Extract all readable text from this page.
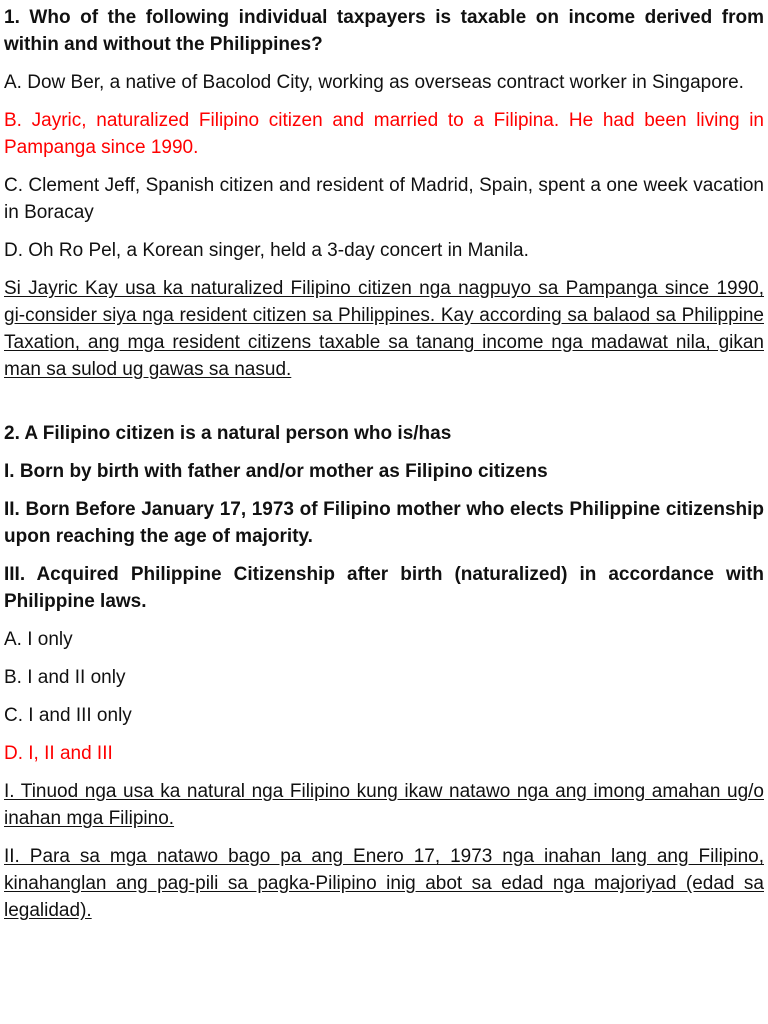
1. Who of the following individual taxpayers is taxable on income derived from within and without the Philippines?

A. Dow Ber, a native of Bacolod City, working as overseas contract worker in Singapore.

B. Jayric, naturalized Filipino citizen and married to a Filipina. He had been living in Pampanga since 1990.

C. Clement Jeff, Spanish citizen and resident of Madrid, Spain, spent a one week vacation in Boracay

D. Oh Ro Pel, a Korean singer, held a 3-day concert in Manila.

Si Jayric Kay usa ka naturalized Filipino citizen nga nagpuyo sa Pampanga since 1990, gi-consider siya nga resident citizen sa Philippines. Kay according sa balaod sa Philippine Taxation, ang mga resident citizens taxable sa tanang income nga madawat nila, gikan man sa sulod ug gawas sa nasud.

2. A Filipino citizen is a natural person who is/has

I. Born by birth with father and/or mother as Filipino citizens

II. Born Before January 17, 1973 of Filipino mother who elects Philippine citizenship upon reaching the age of majority.

III. Acquired Philippine Citizenship after birth (naturalized) in accordance with Philippine laws.

A. I only

B. I and II only

C. I and III only

D. I, II and III

I. Tinuod nga usa ka natural nga Filipino kung ikaw natawo nga ang imong amahan ug/o inahan mga Filipino.

II. Para sa mga natawo bago pa ang Enero 17, 1973 nga inahan lang ang Filipino, kinahanglan ang pag-pili sa pagka-Pilipino inig abot sa edad nga majoriyad (edad sa legalidad).
